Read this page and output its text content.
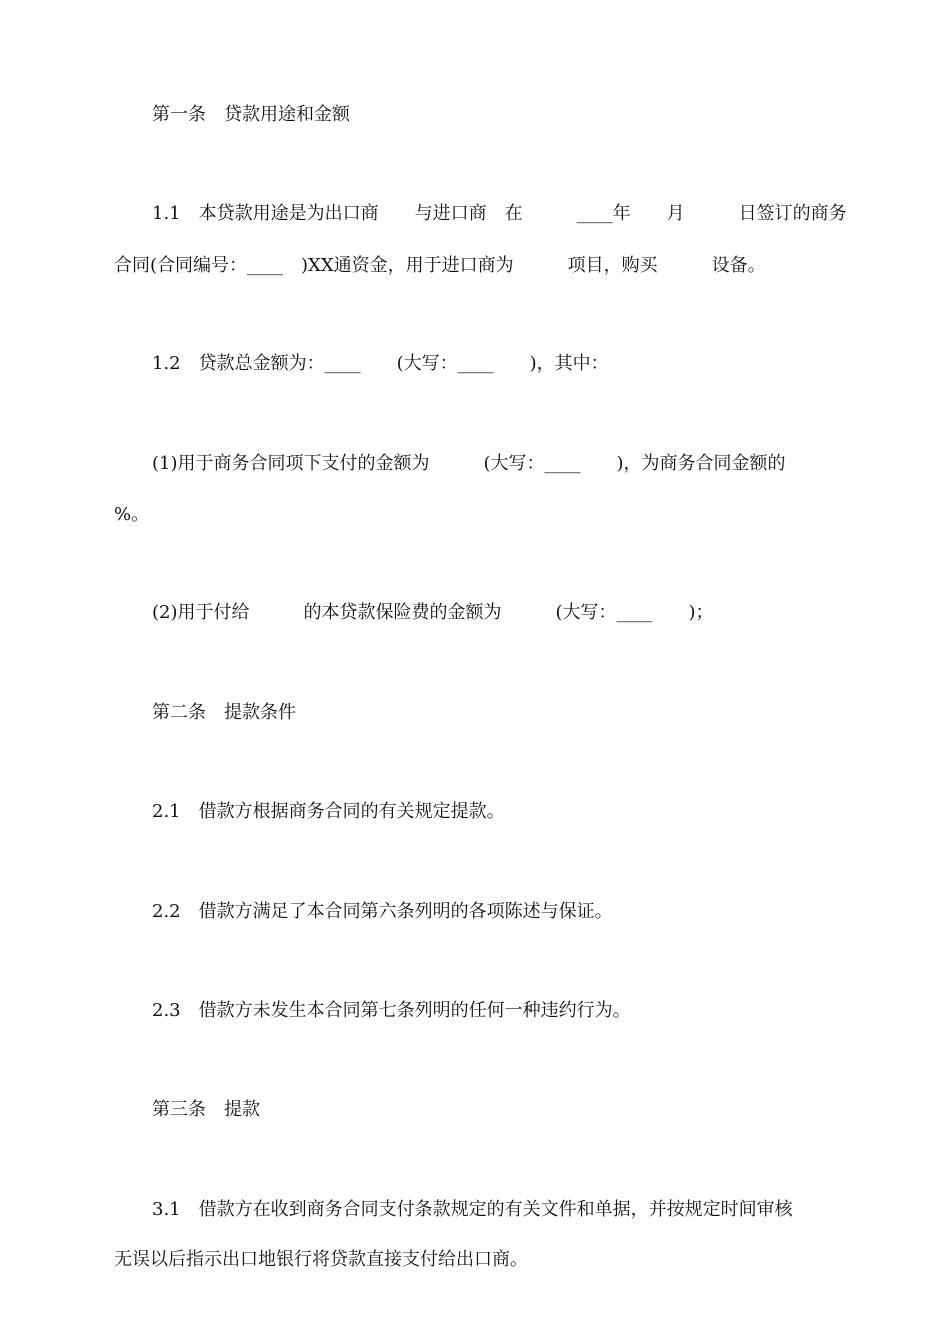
第一条　贷款用途和金额
1.1　本贷款用途是为出口商　　与进口商　在　　　____年　　月　　　日签订的商务
合同(合同编号：____　)XX通资金，用于进口商为　　　项目，购买　　　设备。
1.2　贷款总金额为：____　　(大写：____　　)，其中：
(1)用于商务合同项下支付的金额为　　　(大写：____　　)，为商务合同金额的
%。
(2)用于付给　　　的本贷款保险费的金额为　　　(大写：____　　)；
第二条　提款条件
2.1　借款方根据商务合同的有关规定提款。
2.2　借款方满足了本合同第六条列明的各项陈述与保证。
2.3　借款方未发生本合同第七条列明的任何一种违约行为。
第三条　提款
3.1　借款方在收到商务合同支付条款规定的有关文件和单据，并按规定时间审核
无误以后指示出口地银行将贷款直接支付给出口商。
